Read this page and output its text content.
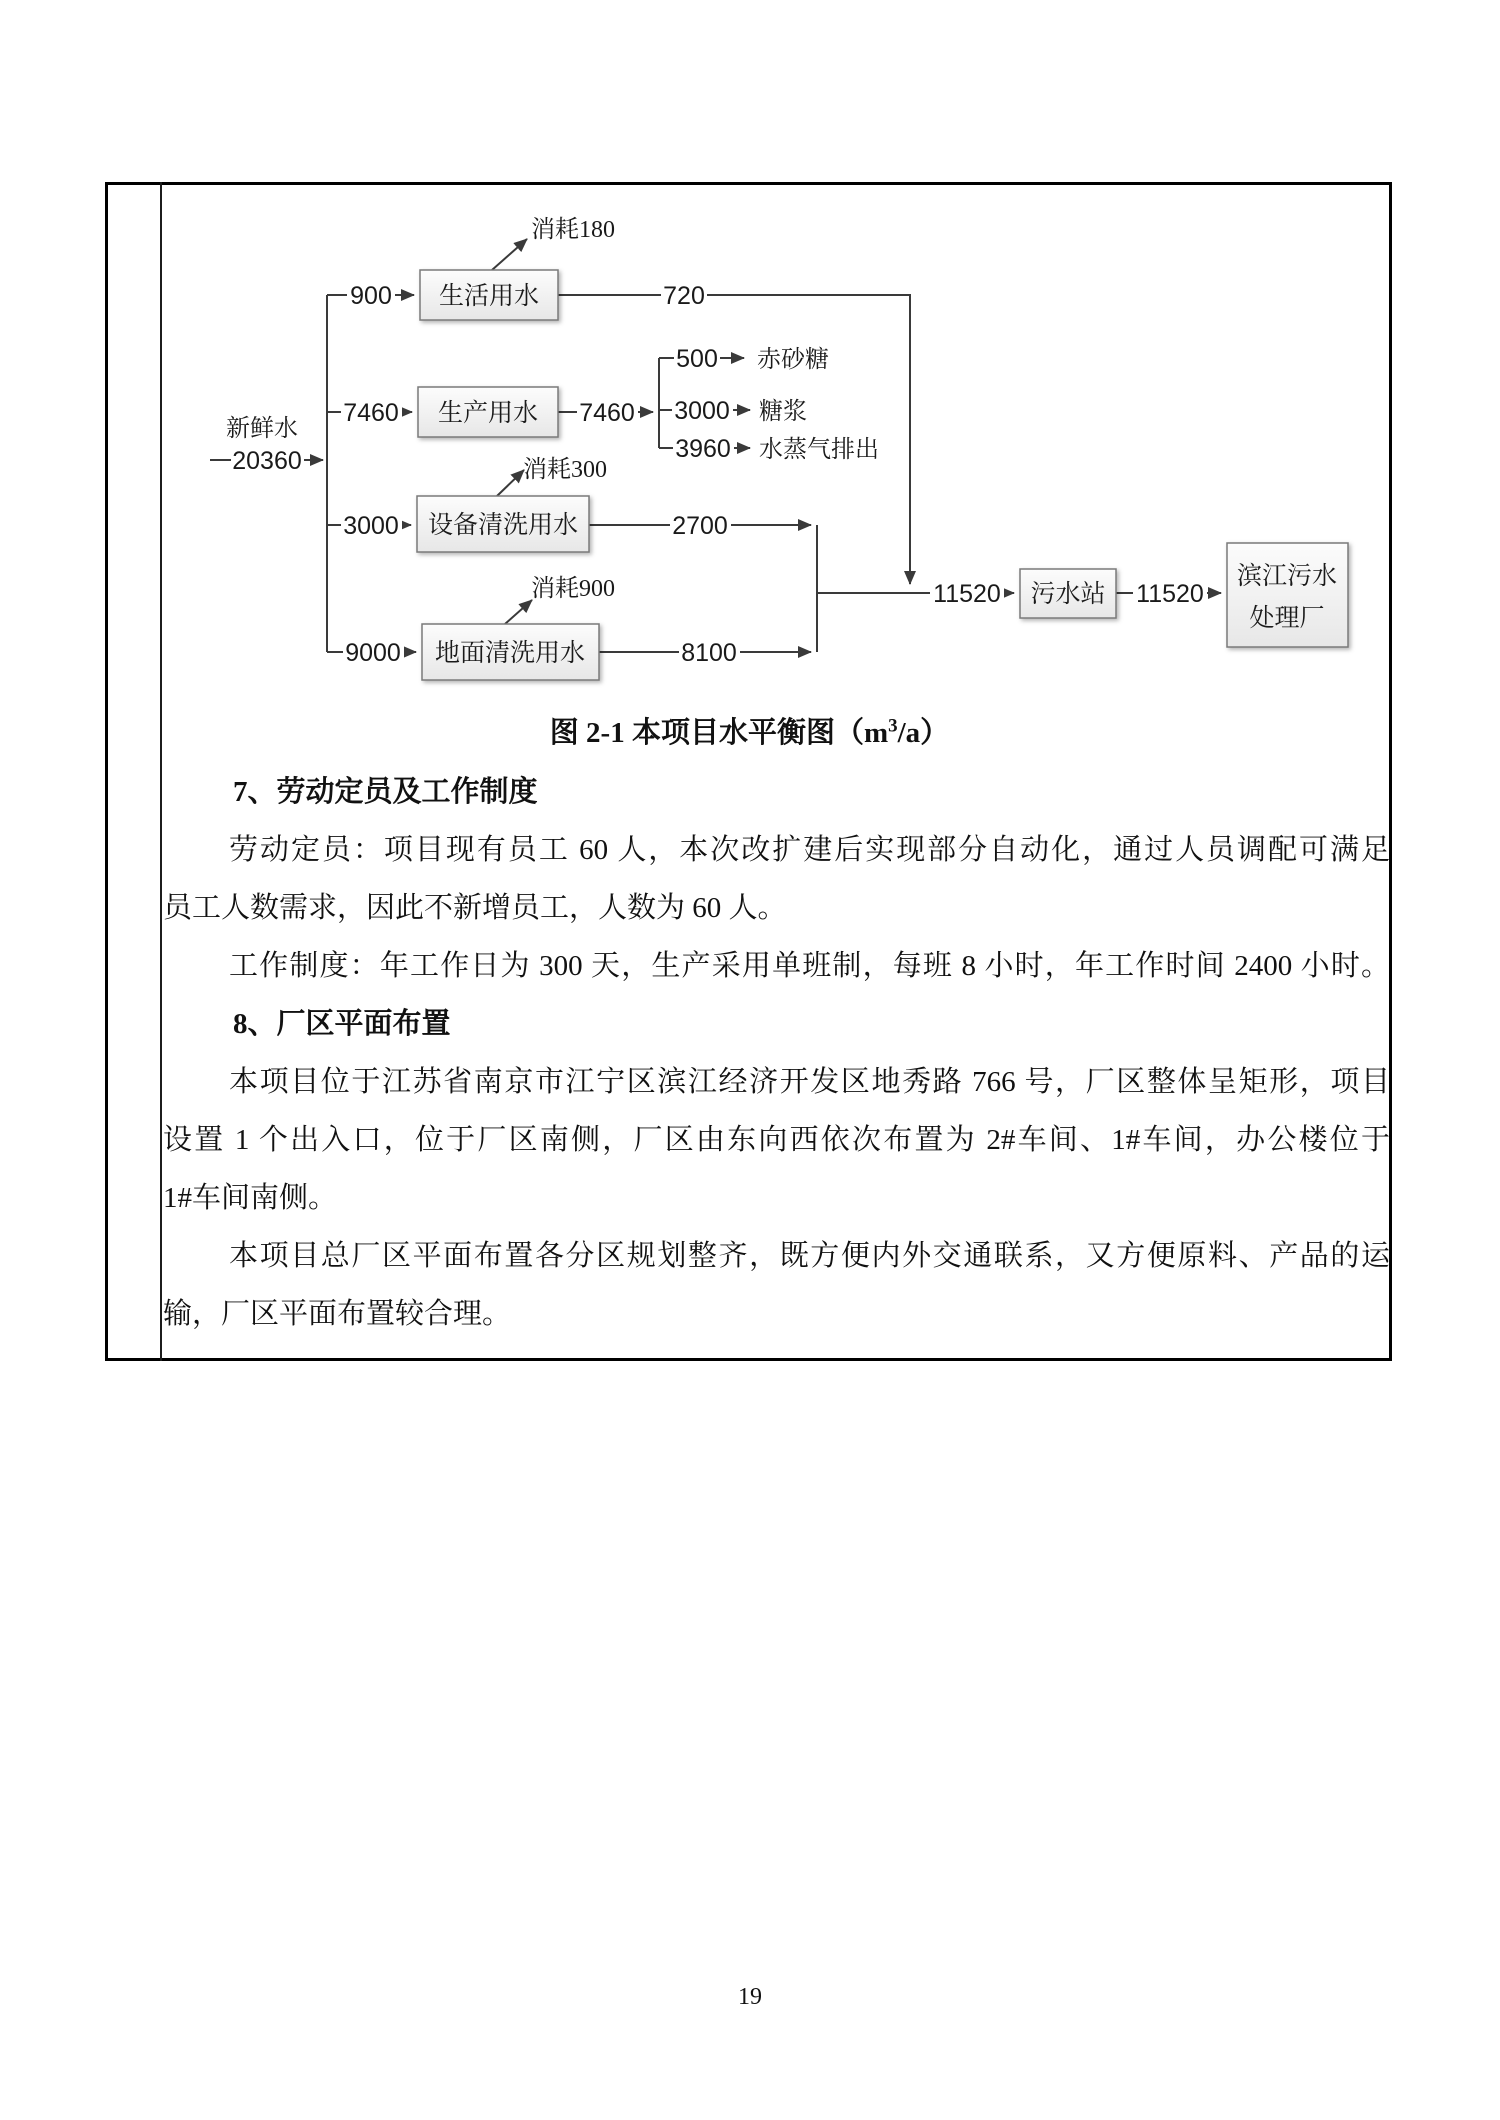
20360
900
7460
3000
9000
720
7460
500
3000
3960
2700
8100
11520	11520
新鲜水
消耗180
消耗300
消耗900
赤砂糖
糖浆
水蒸气排出
生活用水
生产用水
设备清洗用水
地面清洗用水
污水站
滨江污水
处理厂
图 2-1 本项目水平衡图$(m^3/a)$
7、劳动定员及工作制度
劳动定员：项目现有员工 60 人，本次改扩建后实现部分自动化，通过人员调配可满足
员工人数需求，因此不新增员工，人数为 60 人。
工作制度：年工作日为 300 天，生产采用单班制，每班 8 小时，年工作时间 2400 小时。
8、厂区平面布置
本项目位于江苏省南京市江宁区滨江经济开发区地秀路 766 号，厂区整体呈矩形，项目
设置 1 个出入口，位于厂区南侧，厂区由东向西依次布置为 2#车间、1#车间，办公楼位于
1#车间南侧。
本项目总厂区平面布置各分区规划整齐，既方便内外交通联系，又方便原料、产品的运
输，厂区平面布置较合理。
19
